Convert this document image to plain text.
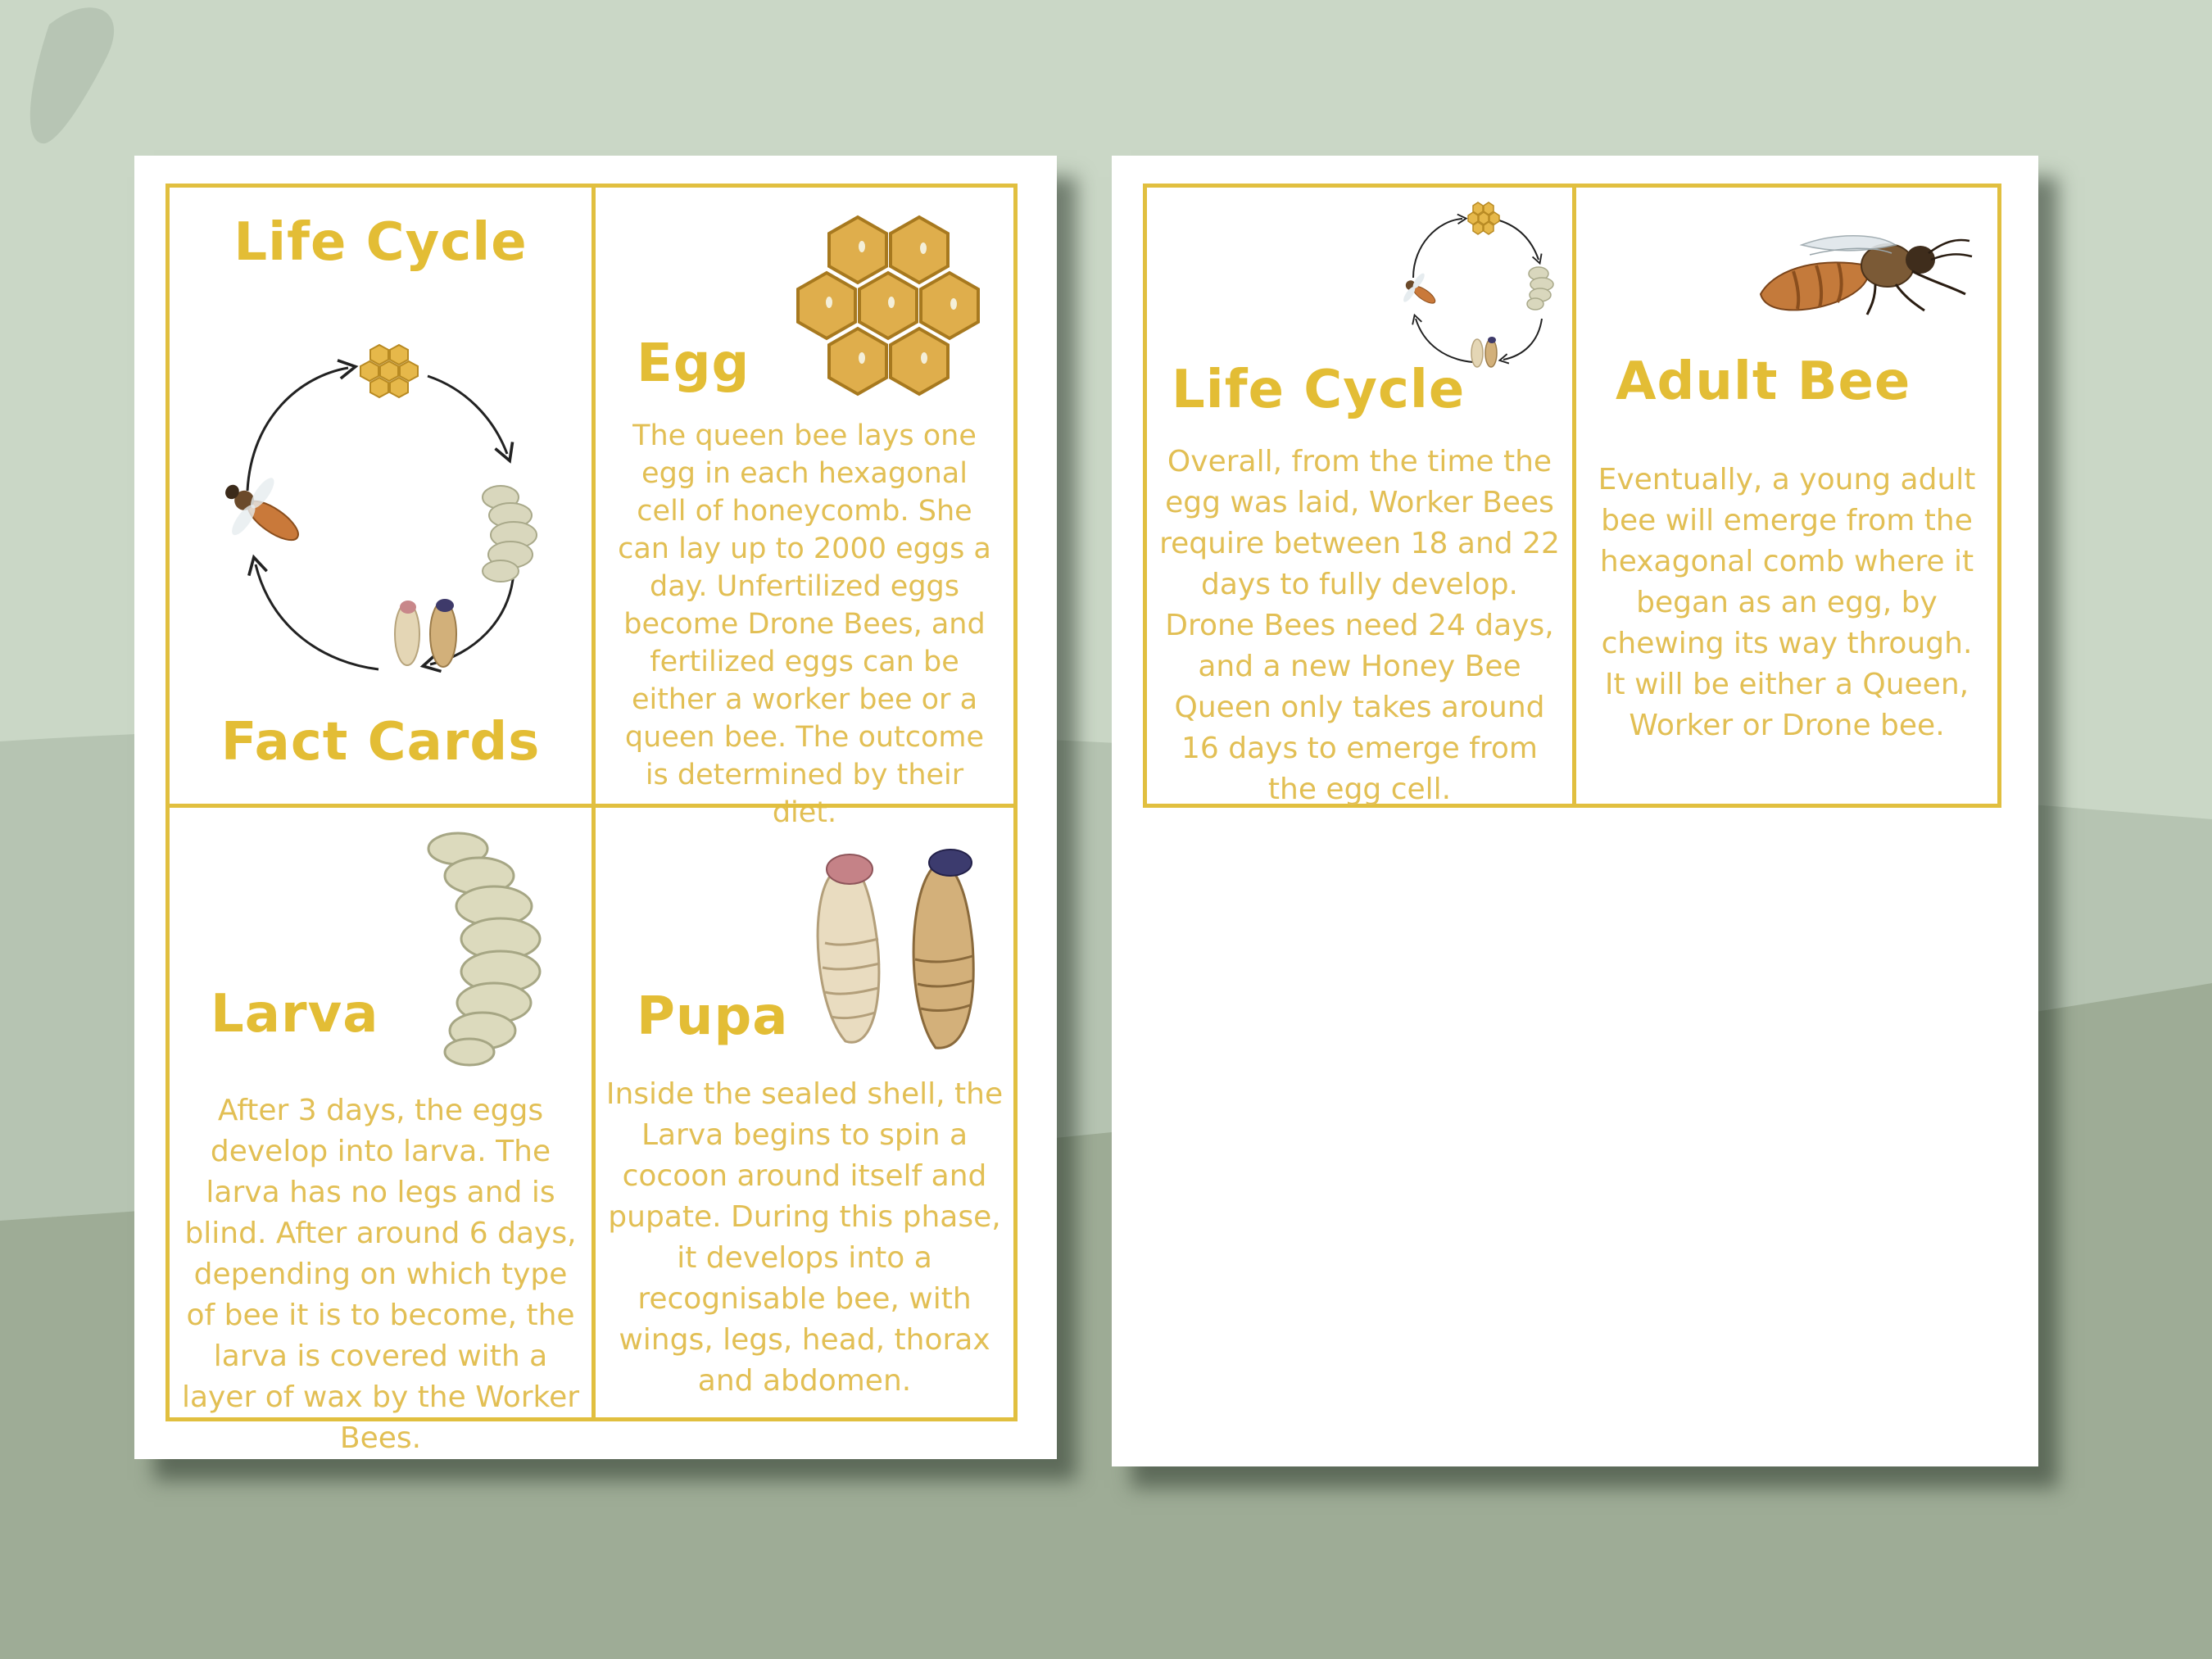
Life Cycle
Fact Cards
Egg

The queen bee lays one egg in each hexagonal cell of honeycomb. She can lay up to 2000 eggs a day. Unfertilized eggs become Drone Bees, and fertilized eggs can be either a worker bee or a queen bee. The outcome is determined by their diet.

Larva

After 3 days, the eggs develop into larva. The larva has no legs and is blind. After around 6 days, depending on which type of bee it is to become, the larva is covered with a layer of wax by the Worker Bees.

Pupa

Inside the sealed shell, the Larva begins to spin a cocoon around itself and pupate. During this phase, it develops into a recognisable bee, with wings, legs, head, thorax and abdomen.

Life Cycle

Overall, from the time the egg was laid, Worker Bees require between 18 and 22 days to fully develop. Drone Bees need 24 days, and a new Honey Bee Queen only takes around 16 days to emerge from the egg cell.

Adult Bee

Eventually, a young adult bee will emerge from the hexagonal comb where it began as an egg, by chewing its way through. It will be either a Queen, Worker or Drone bee.
